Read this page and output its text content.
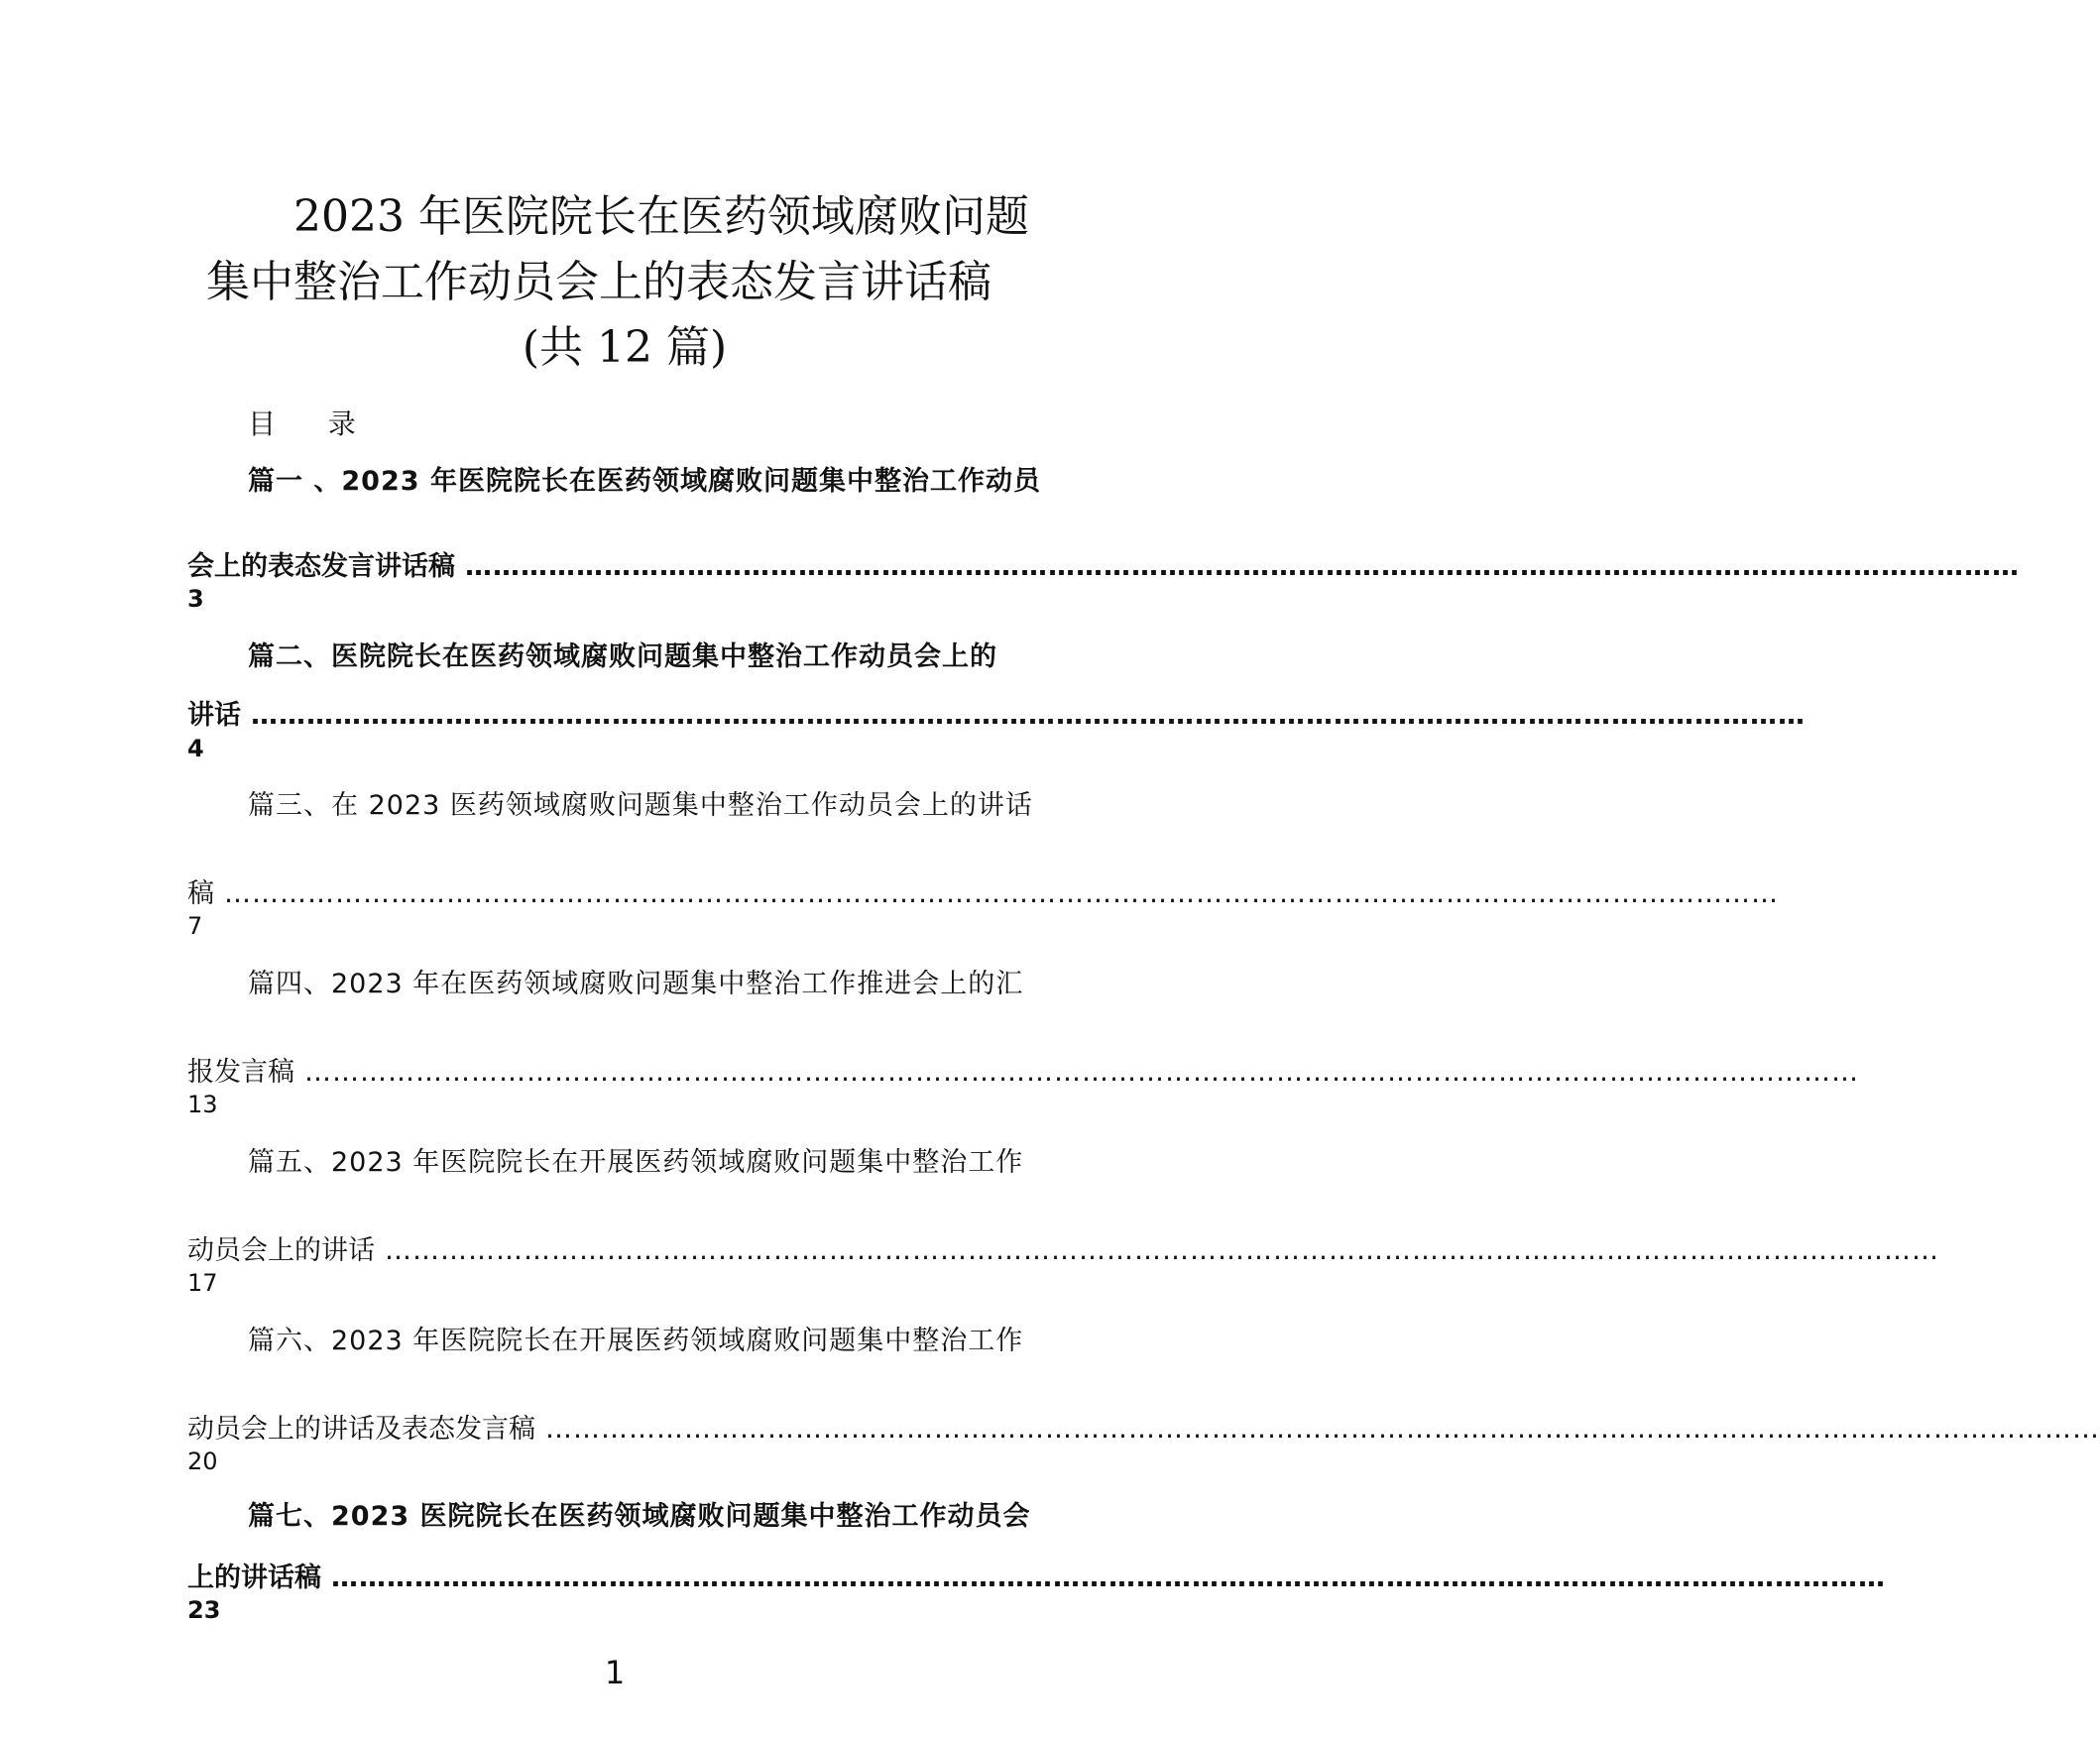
2023 年医院院长在医药领域腐败问题
集中整治工作动员会上的表态发言讲话稿
(共 12 篇)
目 录
篇一 、2023 年医院院长在医药领域腐败问题集中整治工作动员
会上的表态发言讲话稿 ……………………………………………………………………………………………………………………………………………………
3
篇二、医院院长在医药领域腐败问题集中整治工作动员会上的
讲话 ……………………………………………………………………………………………………………………………………………………
4
篇三、在 2023 医药领域腐败问题集中整治工作动员会上的讲话
稿 ……………………………………………………………………………………………………………………………………………………
7
篇四、2023 年在医药领域腐败问题集中整治工作推进会上的汇
报发言稿 ……………………………………………………………………………………………………………………………………………………
13
篇五、2023 年医院院长在开展医药领域腐败问题集中整治工作
动员会上的讲话 ……………………………………………………………………………………………………………………………………………………
17
篇六、2023 年医院院长在开展医药领域腐败问题集中整治工作
动员会上的讲话及表态发言稿 ……………………………………………………………………………………………………………………………………………………
20
篇七、2023 医院院长在医药领域腐败问题集中整治工作动员会
上的讲话稿 ……………………………………………………………………………………………………………………………………………………
23
1
